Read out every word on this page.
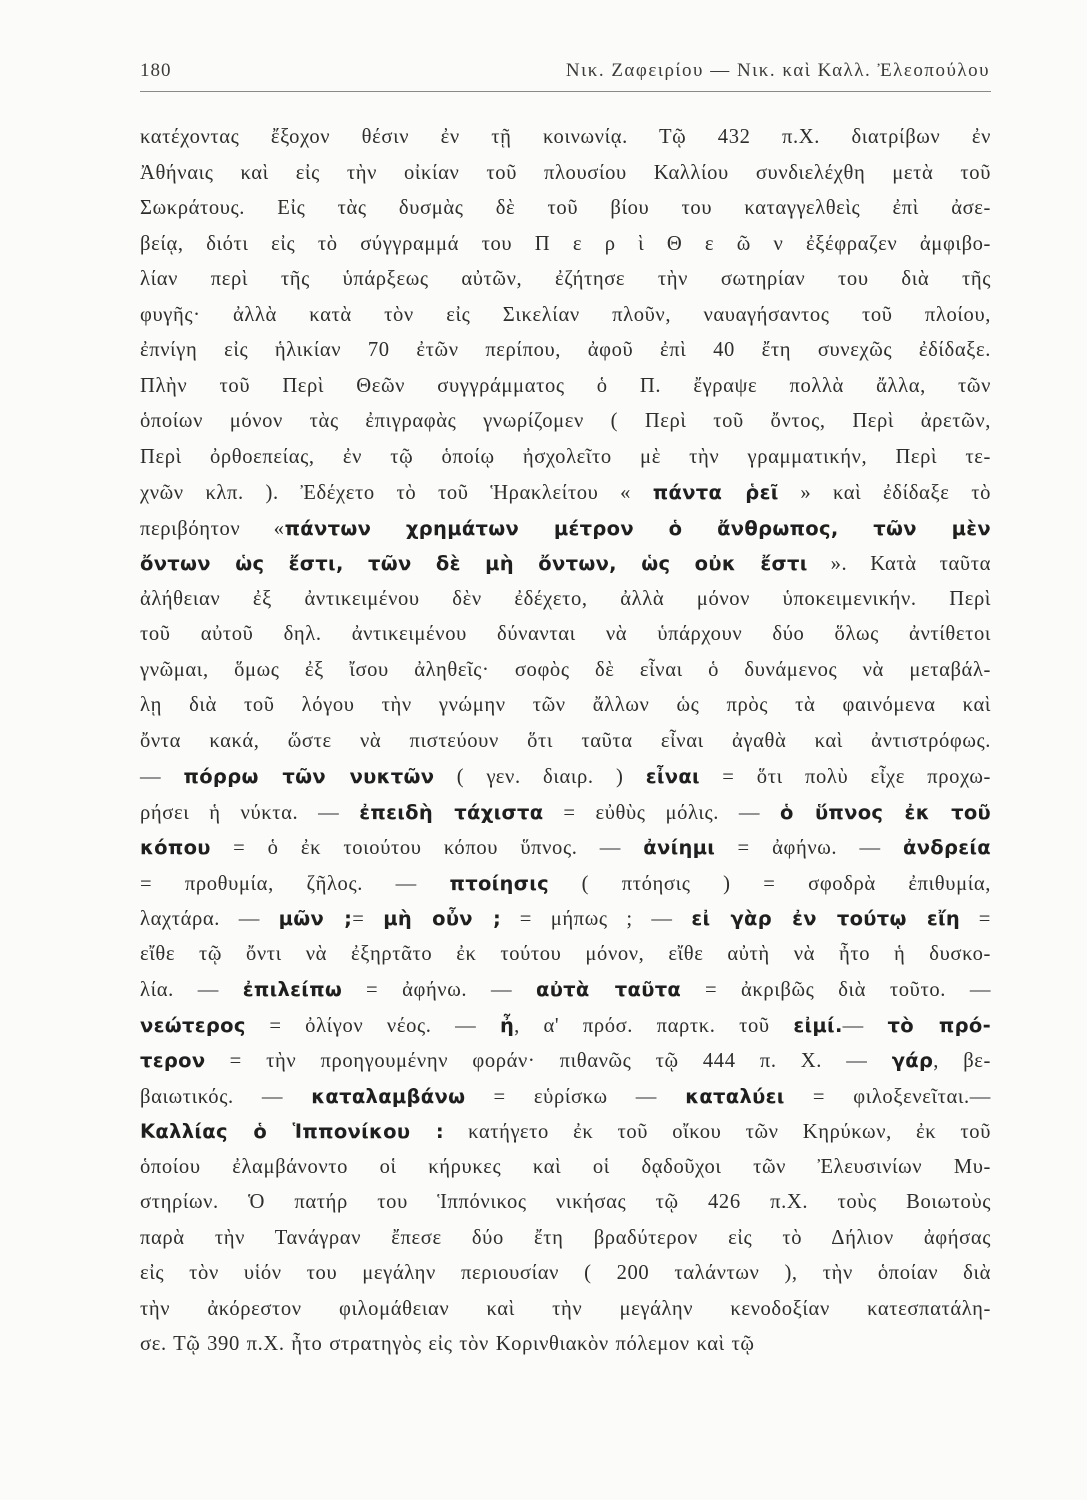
180	Νικ. Ζαφειρίου — Νικ. καὶ Καλλ. Ἐλεοπούλου
κατέχοντας ἔξοχον θέσιν ἐν τῇ κοινωνίᾳ. Τῷ 432 π.Χ. διατρίβων ἐν
Ἀθήναις καὶ εἰς τὴν οἰκίαν τοῦ πλουσίου Καλλίου συνδιελέχθη μετὰ τοῦ
Σωκράτους. Εἰς τὰς δυσμὰς δὲ τοῦ βίου του καταγγελθεὶς ἐπὶ ἀσε-
βείᾳ, διότι εἰς τὸ σύγγραμμά του Π ε ρ ὶ Θ ε ῶ ν ἐξέφραζεν ἀμφιβο-
λίαν περὶ τῆς ὑπάρξεως αὐτῶν, ἐζήτησε τὴν σωτηρίαν του διὰ τῆς
φυγῆς· ἀλλὰ κατὰ τὸν εἰς Σικελίαν πλοῦν, ναυαγήσαντος τοῦ πλοίου,
ἐπνίγη εἰς ἡλικίαν 70 ἐτῶν περίπου, ἀφοῦ ἐπὶ 40 ἔτη συνεχῶς ἐδίδαξε.
Πλὴν τοῦ Περὶ Θεῶν συγγράμματος ὁ Π. ἔγραψε πολλὰ ἄλλα, τῶν
ὁποίων μόνον τὰς ἐπιγραφὰς γνωρίζομεν ( Περὶ τοῦ ὄντος, Περὶ ἀρετῶν,
Περὶ ὀρθοεπείας, ἐν τῷ ὁποίῳ ἠσχολεῖτο μὲ τὴν γραμματικήν, Περὶ τε-
χνῶν κλπ. ). Ἐδέχετο τὸ τοῦ Ἡρακλείτου « πάντα ῥεῖ » καὶ ἐδίδαξε τὸ
περιβόητον «πάντων χρημάτων μέτρον ὁ ἄνθρωπος, τῶν μὲν
ὄντων ὡς ἔστι, τῶν δὲ μὴ ὄντων, ὡς οὐκ ἔστι ». Κατὰ ταῦτα
ἀλήθειαν ἐξ ἀντικειμένου δὲν ἐδέχετο, ἀλλὰ μόνον ὑποκειμενικήν. Περὶ
τοῦ αὐτοῦ δηλ. ἀντικειμένου δύνανται νὰ ὑπάρχουν δύο ὅλως ἀντίθετοι
γνῶμαι, ὅμως ἐξ ἴσου ἀληθεῖς· σοφὸς δὲ εἶναι ὁ δυνάμενος νὰ μεταβάλ-
λῃ διὰ τοῦ λόγου τὴν γνώμην τῶν ἄλλων ὡς πρὸς τὰ φαινόμενα καὶ
ὄντα κακά, ὥστε νὰ πιστεύουν ὅτι ταῦτα εἶναι ἀγαθὰ καὶ ἀντιστρόφως.
— πόρρω τῶν νυκτῶν ( γεν. διαιρ. ) εἶναι = ὅτι πολὺ εἶχε προχω-
ρήσει ἡ νύκτα. — ἐπειδὴ τάχιστα = εὐθὺς μόλις. — ὁ ὕπνος ἐκ τοῦ
κόπου = ὁ ἐκ τοιούτου κόπου ὕπνος. — ἀνίημι = ἀφήνω. — ἀνδρεία
= προθυμία, ζῆλος. — πτοίησις ( πτόησις ) = σφοδρὰ ἐπιθυμία,
λαχτάρα. — μῶν ;= μὴ οὖν ; = μήπως ; — εἰ γὰρ ἐν τούτῳ εἴη =
εἴθε τῷ ὄντι νὰ ἐξηρτᾶτο ἐκ τούτου μόνον, εἴθε αὐτὴ νὰ ἦτο ἡ δυσκο-
λία. — ἐπιλείπω = ἀφήνω. — αὐτὰ ταῦτα = ἀκριβῶς διὰ τοῦτο. —
νεώτερος = ὀλίγον νέος. — ἦ, α' πρόσ. παρτκ. τοῦ εἰμί.— τὸ πρό-
τερον = τὴν προηγουμένην φοράν· πιθανῶς τῷ 444 π. Χ. — γάρ, βε-
βαιωτικός. — καταλαμβάνω = εὑρίσκω — καταλύει = φιλοξενεῖται.—
Καλλίας ὁ Ἱππονίκου : κατήγετο ἐκ τοῦ οἴκου τῶν Κηρύκων, ἐκ τοῦ
ὁποίου ἐλαμβάνοντο οἱ κήρυκες καὶ οἱ δᾳδοῦχοι τῶν Ἐλευσινίων Μυ-
στηρίων. Ὁ πατήρ του Ἱππόνικος νικήσας τῷ 426 π.Χ. τοὺς Βοιωτοὺς
παρὰ τὴν Τανάγραν ἔπεσε δύο ἔτη βραδύτερον εἰς τὸ Δήλιον ἀφήσας
εἰς τὸν υἱόν του μεγάλην περιουσίαν ( 200 ταλάντων ), τὴν ὁποίαν διὰ
τὴν ἀκόρεστον φιλομάθειαν καὶ τὴν μεγάλην κενοδοξίαν κατεσπατάλη-
σε. Τῷ 390 π.Χ. ἦτο στρατηγὸς εἰς τὸν Κορινθιακὸν πόλεμον καὶ τῷ
